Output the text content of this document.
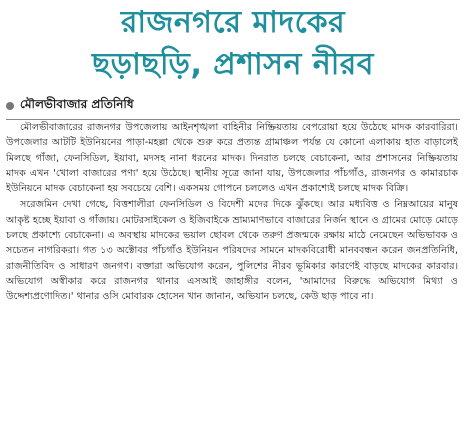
রাজনগরে মাদকের
ছড়াছড়ি, প্রশাসন নীরব
মৌলভীবাজার প্রতিনিধি

মৌলভীবাজারের রাজনগর উপজেলায় আইনশৃঙ্খলা বাহিনীর নিষ্ক্রিয়তায় বেপরোয়া হয়ে উঠেছে মাদক কারবারিরা। উপজেলার আটটি ইউনিয়নের পাড়া-মহল্লা থেকে শুরু করে প্রত্যন্ত গ্রামাঞ্চল পর্যন্ত যে কোনো এলাকায় হাত বাড়ালেই মিলছে গাঁজা, ফেনসিডিল, ইয়াবা, মদসহ নানা ধরনের মাদক। দিনরাত চলছে বেচাকেনা, আর প্রশাসনের নিষ্ক্রিয়তায় মাদক এখন 'খোলা বাজারের পণ্য' হয়ে উঠেছে। স্থানীয় সূত্রে জানা যায়, উপজেলার পাঁচগাঁও, রাজনগর ও কামারচাক ইউনিয়নে মাদক বেচাকেনা হয় সবচেয়ে বেশি। একসময় গোপনে চললেও এখন প্রকাশ্যেই চলছে মাদক বিক্রি।

সরেজমিন দেখা গেছে, বিত্তশালীরা ফেনসিডিল ও বিদেশী মদের দিকে ঝুঁকছে। আর মধ্যবিত্ত ও নিম্নআয়ের মানুষ আকৃষ্ট হচ্ছে ইয়াবা ও গাঁজায়। মোটরসাইকেল ও ইজিবাইকে ভ্রাম্যমাণভাবে বাজারের নির্জন স্থানে ও গ্রামের মোড়ে মোড়ে চলছে প্রকাশ্যে বেচাকেনা। এ অবস্থায় মাদকের ভয়াল ছোবল থেকে তরুণ প্রজন্মকে রক্ষায় মাঠে নেমেছেন অভিভাবক ও সচেতন নাগরিকরা। গত ১৩ অক্টোবর পাঁচগাঁও ইউনিয়ন পরিষদের সামনে মাদকবিরোধী মানববন্ধন করেন জনপ্রতিনিধি, রাজনীতিবিদ ও সাধারণ জনগণ। বক্তারা অভিযোগ করেন, পুলিশের নীরব ভূমিকার কারণেই বাড়ছে মাদকের কারবার। অভিযোগ অস্বীকার করে রাজনগর থানার এসআই জাহাঙ্গীর বলেন, 'আমাদের বিরুদ্ধে অভিযোগ মিথ্যা ও উদ্দেশ্যপ্রণোদিত।' থানার ওসি মোবারক হোসেন খান জানান, অভিযান চলছে, কেউ ছাড় পাবে না।
